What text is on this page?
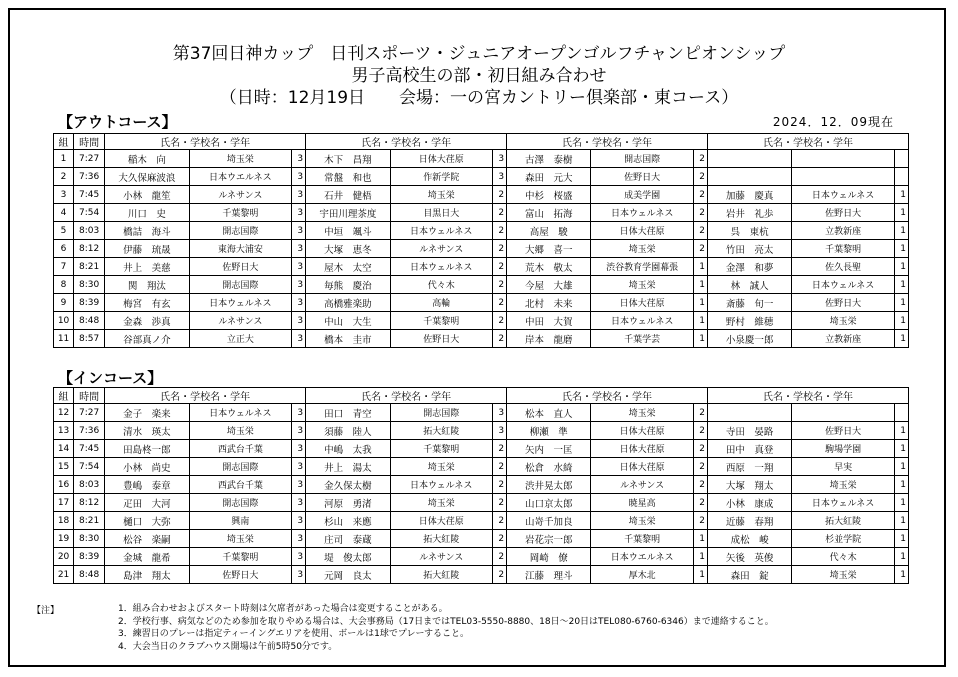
第37回日神カップ　日刊スポーツ・ジュニアオープンゴルフチャンピオンシップ
男子高校生の部・初日組み合わせ
（日時：12月19日　　会場：一の宮カントリー倶楽部・東コース）
【アウトコース】	2024．12．09現在
組	時間	氏名・学校名・学年			氏名・学校名・学年			氏名・学校名・学年			氏名・学校名・学年		
1	7:27	稲木　向	埼玉栄	3	木下　昌翔	日体大荏原	3	古澤　泰樹	開志国際	2			
2	7:36	大久保麻波浪	日本ウエルネス	3	常盤　和也	作新学院	3	森田　元大	佐野日大	2			
3	7:45	小林　龍笙	ルネサンス	3	石井　健梧	埼玉栄	2	中杉　桜盛	成美学園	2	加藤　慶真	日本ウェルネス	1
4	7:54	川口　史	千葉黎明	3	宇田川理茶度	目黒日大	2	富山　拓海	日本ウェルネス	2	岩井　礼歩	佐野日大	1
5	8:03	橋詰　海斗	開志国際	3	中垣　颯斗	日本ウェルネス	2	高屋　駿	日体大荏原	2	呉　東杭	立教新座	1
6	8:12	伊藤　琉晟	東海大浦安	3	大塚　恵冬	ルネサンス	2	大郷　喜一	埼玉栄	2	竹田　亮太	千葉黎明	1
7	8:21	井上　美慈	佐野日大	3	屋木　太空	日本ウェルネス	2	荒木　敬太	渋谷教育学園幕張	1	金澤　和夢	佐久長聖	1
8	8:30	関　翔汰	開志国際	3	毎熊　慶治	代々木	2	今屋　大雄	埼玉栄	1	林　誠人	日本ウェルネス	1
9	8:39	梅宮　有玄	日本ウェルネス	3	高橋雅楽助	高輪	2	北村　未来	日体大荏原	1	斎藤　旬一	佐野日大	1
10	8:48	金森　渉真	ルネサンス	3	中山　大生	千葉黎明	2	中田　大賀	日本ウェルネス	1	野村　維穂	埼玉栄	1
11	8:57	谷部真ノ介	立正大	3	橋本　圭市	佐野日大	2	岸本　龍磨	千葉学芸	1	小泉慶一郎	立教新座	1
【インコース】
組	時間	氏名・学校名・学年			氏名・学校名・学年			氏名・学校名・学年			氏名・学校名・学年		
12	7:27	金子　楽来	日本ウェルネス	3	田口　青空	開志国際	3	松本　直人	埼玉栄	2			
13	7:36	清水　瑛太	埼玉栄	3	須藤　陸人	拓大紅陵	3	柳瀬　準	日体大荏原	2	寺田　晏路	佐野日大	1
14	7:45	田島柊一郎	西武台千葉	3	中嶋　太我	千葉黎明	2	矢内　一匡	日体大荏原	2	田中　真登	駒場学園	1
15	7:54	小林　尚史	開志国際	3	井上　湯太	埼玉栄	2	松倉　水綺	日体大荏原	2	西原　一翔	早実	1
16	8:03	豊嶋　泰章	西武台千葉	3	金久保太樹	日本ウェルネス	2	渋井晃太郎	ルネサンス	2	大塚　翔太	埼玉栄	1
17	8:12	疋田　大河	開志国際	3	河原　勇渚	埼玉栄	2	山口京太郎	暁星高	2	小林　康成	日本ウェルネス	1
18	8:21	樋口　大弥	興南	3	杉山　来應	日体大荏原	2	山嵜千加良	埼玉栄	2	近藤　春翔	拓大紅陵	1
19	8:30	松谷　楽嗣	埼玉栄	3	庄司　泰蔵	拓大紅陵	2	岩花宗一郎	千葉黎明	1	成松　峻	杉並学院	1
20	8:39	金城　龍希	千葉黎明	3	堤　俊太郎	ルネサンス	2	岡崎　僚	日本ウエルネス	1	矢後　英俊	代々木	1
21	8:48	島津　翔太	佐野日大	3	元岡　良太	拓大紅陵	2	江藤　理斗	厚木北	1	森田　錠	埼玉栄	1
【注】	1．組み合わせおよびスタート時刻は欠席者があった場合は変更することがある。
2．学校行事、病気などのため参加を取りやめる場合は、大会事務局（17日まではTEL03-5550-8880、18日～20日はTEL080-6760-6346）まで連絡すること。
3．練習日のプレーは指定ティーイングエリアを使用、ボールは1球でプレーすること。
4．大会当日のクラブハウス開場は午前5時50分です。
